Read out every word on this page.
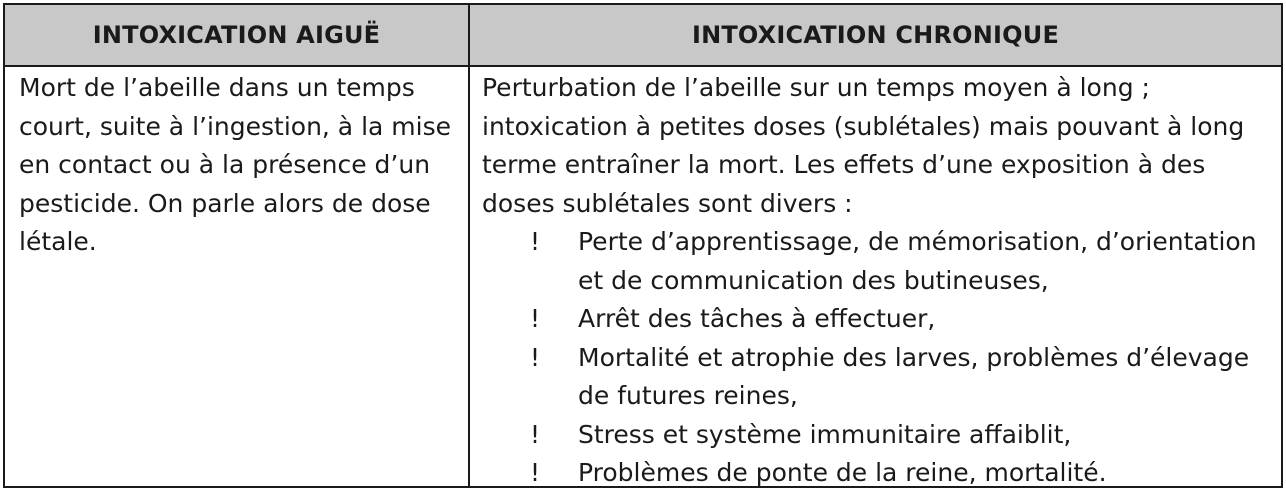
INTOXICATION AIGUË	INTOXICATION CHRONIQUE
Mort de l’abeille dans un temps court, suite à l’ingestion, à la mise en contact ou à la présence d’un pesticide. On parle alors de dose létale.
Perturbation de l’abeille sur un temps moyen à long ; intoxication à petites doses (sublétales) mais pouvant à long terme entraîner la mort. Les effets d’une exposition à des doses sublétales sont divers :
! Perte d’apprentissage, de mémorisation, d’orientation et de communication des butineuses,
! Arrêt des tâches à effectuer,
! Mortalité et atrophie des larves, problèmes d’élevage de futures reines,
! Stress et système immunitaire affaiblit,
! Problèmes de ponte de la reine, mortalité.
